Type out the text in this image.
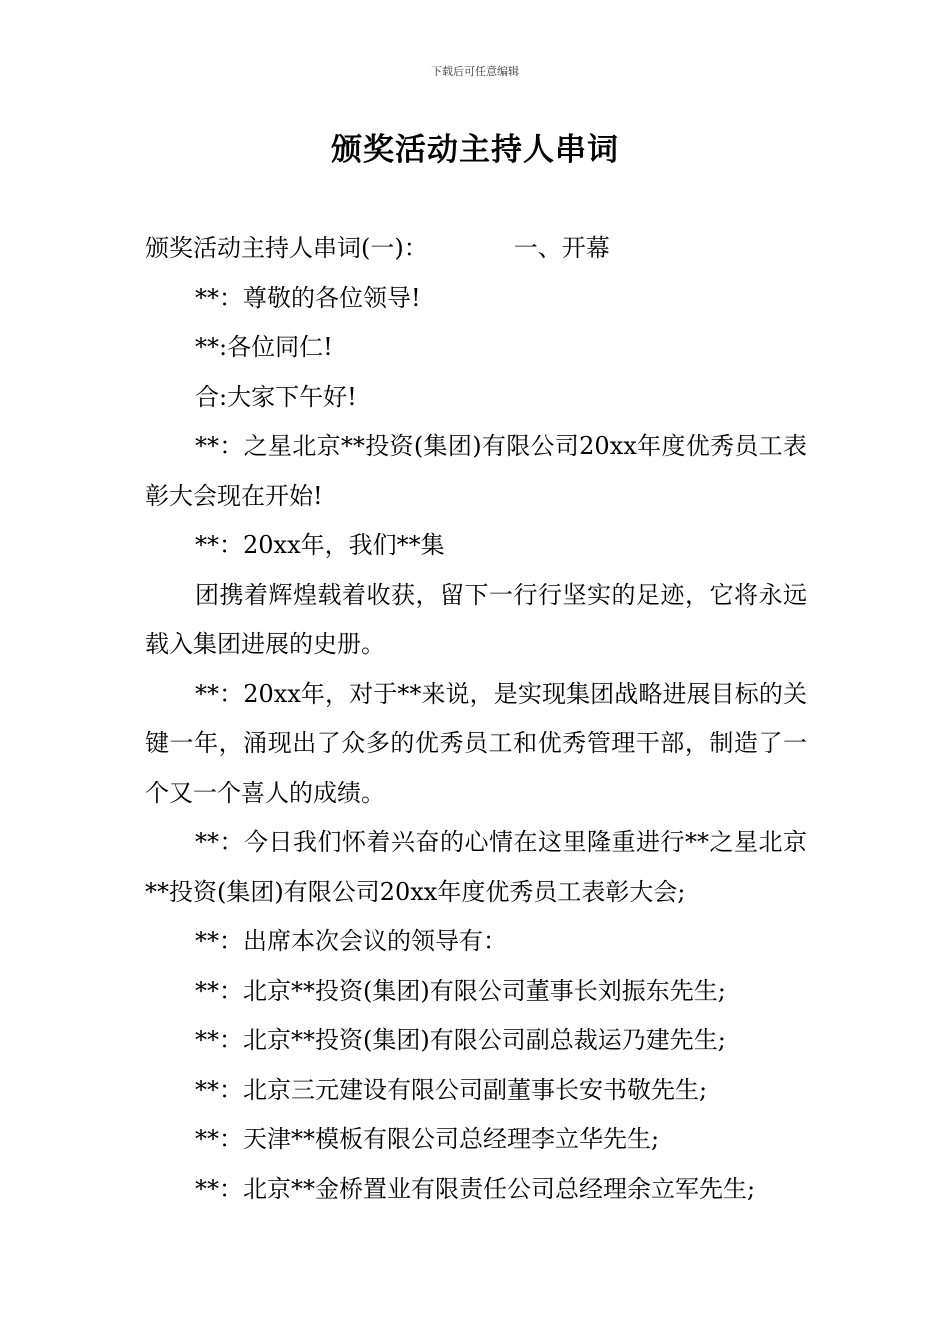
下载后可任意编辑
颁奖活动主持人串词

颁奖活动主持人串词(一)：	一、开幕

**：尊敬的各位领导!

**:各位同仁!

合:大家下午好!

**：之星北京**投资(集团)有限公司20xx年度优秀员工表彰大会现在开始!

**：20xx年，我们**集

团携着辉煌载着收获，留下一行行坚实的足迹，它将永远载入集团进展的史册。

**：20xx年，对于**来说，是实现集团战略进展目标的关键一年，涌现出了众多的优秀员工和优秀管理干部，制造了一个又一个喜人的成绩。

**：今日我们怀着兴奋的心情在这里隆重进行**之星北京**投资(集团)有限公司20xx年度优秀员工表彰大会;

**：出席本次会议的领导有：

**：北京**投资(集团)有限公司董事长刘振东先生;

**：北京**投资(集团)有限公司副总裁运乃建先生;

**：北京三元建设有限公司副董事长安书敬先生;

**：天津**模板有限公司总经理李立华先生;

**：北京**金桥置业有限责任公司总经理余立军先生;
